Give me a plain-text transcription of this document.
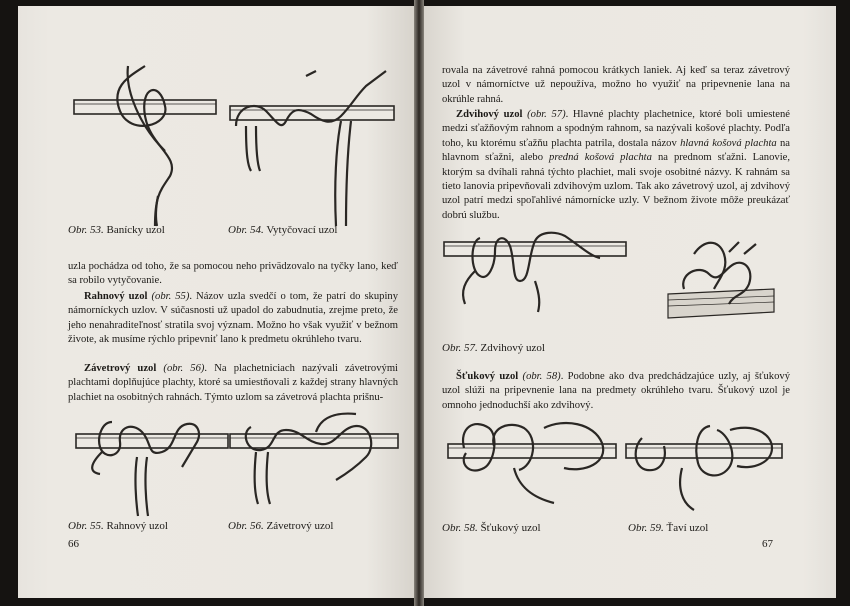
Obr. 53. Banícky uzol	Obr. 54. Vytyčovací uzol
uzla pochádza od toho, že sa pomocou neho privädzovalo na tyčky lano, keď sa robilo vytyčovanie.
Rahnový uzol (obr. 55). Názov uzla svedčí o tom, že patrí do skupiny námorníckych uzlov. V súčasnosti už upadol do zabudnutia, zrejme preto, že jeho nenahraditeľnosť stratila svoj význam. Možno ho však využiť v bežnom živote, ak musíme rýchlo pripevniť lano k predmetu okrúhleho tvaru.
Závetrový uzol (obr. 56). Na plachetniciach nazývali závetrovými plachtami doplňujúce plachty, ktoré sa umiestňovali z každej strany hlavných plachiet na osobitných rahnách. Týmto uzlom sa závetrová plachta prišnu-
Obr. 55. Rahnový uzol	Obr. 56. Závetrový uzol
66
rovala na závetrové rahná pomocou krátkych laniek. Aj keď sa teraz závetrový uzol v námorníctve už nepoužíva, možno ho využiť na pripevnenie lana na okrúhle rahná.
Zdvihový uzol (obr. 57). Hlavné plachty plachetnice, ktoré boli umiestené medzi sťažňovým rahnom a spodným rahnom, sa nazývali košové plachty. Podľa toho, ku ktorému sťažňu plachta patrila, dostala názov hlavná košová plachta na hlavnom sťažni, alebo predná košová plachta na prednom sťažni. Lanovie, ktorým sa dvíhali rahná týchto plachiet, mali svoje osobitné názvy. K rahnám sa tieto lanovia pripevňovali zdvihovým uzlom. Tak ako závetrový uzol, aj zdvihový uzol patrí medzi spoľahlivé námornícke uzly. V bežnom živote môže preukázať dobrú službu.
Obr. 57. Zdvihový uzol
Šťukový uzol (obr. 58). Podobne ako dva predchádzajúce uzly, aj šťukový uzol slúži na pripevnenie lana na predmety okrúhleho tvaru. Šťukový uzol je omnoho jednoduchší ako zdvihový.
Obr. 58. Šťukový uzol	Obr. 59. Ťaví uzol
67
